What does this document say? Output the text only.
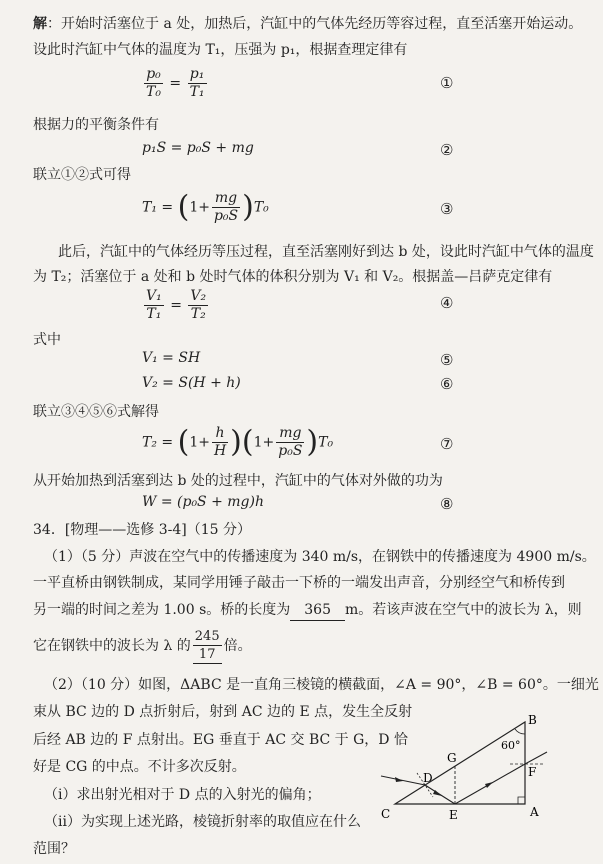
解：开始时活塞位于 a 处，加热后，汽缸中的气体先经历等容过程，直至活塞开始运动。
设此时汽缸中气体的温度为 T₁，压强为 p₁，根据查理定律有
$\frac{\text{p₀}}{\text{T₀}} = \frac{\text{p₁}}{\text{T₁}}$	①
根据力的平衡条件有
p₁S = p₀S + mg	②
联立①②式可得
$T_1 = (1+ \frac{mg}{\text{p₀S}} )T_0$	③
此后，汽缸中的气体经历等压过程，直至活塞刚好到达 b 处，设此时汽缸中气体的温度
为 T₂；活塞位于 a 处和 b 处时气体的体积分别为 V₁ 和 V₂。根据盖—吕萨克定律有
$\frac{\text{V₁}}{\text{T₁}} = \frac{\text{V₂}}{\text{T₂}}$	④
式中
V₁ = SH	⑤
V₂ = S(H + h)	⑥
联立③④⑤⑥式解得
$T_2 = (1+ \frac{h}{H} )(1+ \frac{mg}{\text{p₀S}} )T_0$	⑦
从开始加热到活塞到达 b 处的过程中，汽缸中的气体对外做的功为
W = (p₀S + mg)h	⑧
34．[物理——选修 3-4]（15 分）
（1）（5 分）声波在空气中的传播速度为 340 m/s，在钢铁中的传播速度为 4900 m/s。
一平直桥由钢铁制成，某同学用锤子敲击一下桥的一端发出声音，分别经空气和桥传到
另一端的时间之差为 1.00 s。桥的长度为 365 m。若该声波在空气中的波长为 λ，则
它在钢铁中的波长为 λ 的 $\frac{245}{17}$ 倍。
（2）（10 分）如图，ΔABC 是一直角三棱镜的横截面，∠A = 90°，∠B = 60°。一细光
束从 BC 边的 D 点折射后，射到 AC 边的 E 点，发生全反射
后经 AB 边的 F 点射出。EG 垂直于 AC 交 BC 于 G，D 恰
好是 CG 的中点。不计多次反射。
（i）求出射光相对于 D 点的入射光的偏角；
（ii）为实现上述光路，棱镜折射率的取值应在什么
范围？
B
A
C
D
E
F
G
60°
